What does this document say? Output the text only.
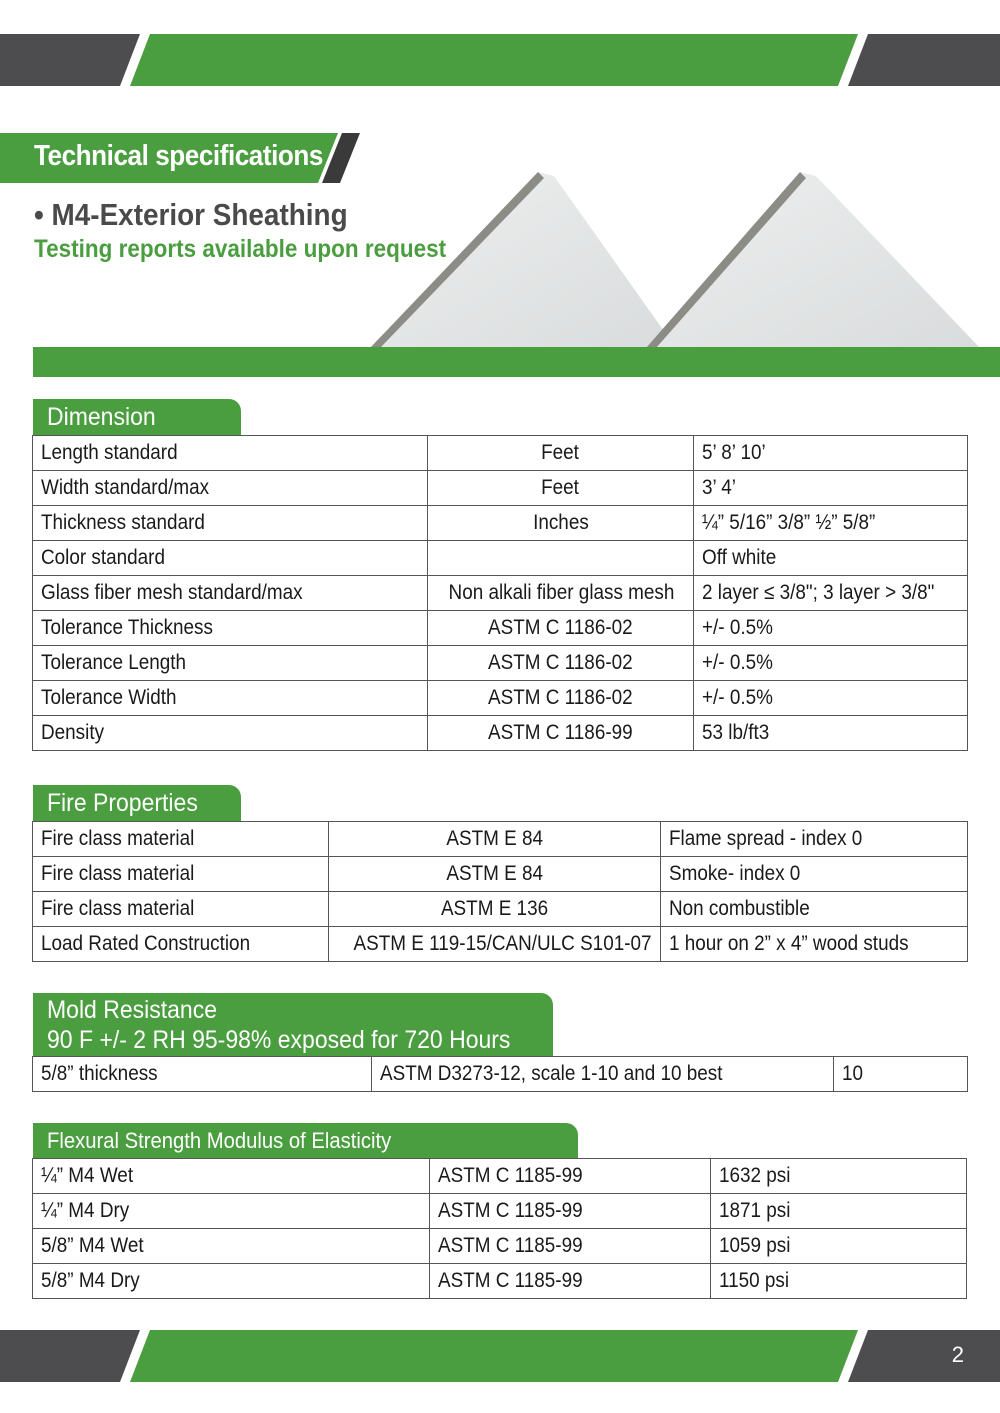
Technical specifications
• M4-Exterior Sheathing
Testing reports available upon request
Dimension
Length standard	Feet	5’ 8’ 10’
Width standard/max	Feet	3’ 4’
Thickness standard	Inches	¼” 5/16” 3/8” ½” 5/8”
Color standard		Off white
Glass fiber mesh standard/max	Non alkali fiber glass mesh	2 layer ≤ 3/8"; 3 layer > 3/8"
Tolerance Thickness	ASTM C 1186-02	+/- 0.5%
Tolerance Length	ASTM C 1186-02	+/- 0.5%
Tolerance Width	ASTM C 1186-02	+/- 0.5%
Density	ASTM C 1186-99	53 lb/ft3
Fire Properties
Fire class material	ASTM E 84	Flame spread - index 0
Fire class material	ASTM E 84	Smoke- index 0
Fire class material	ASTM E 136	Non combustible
Load Rated Construction	ASTM E 119-15/CAN/ULC S101-07	1 hour on 2” x 4” wood studs
Mold Resistance
90 F +/- 2 RH 95-98% exposed for 720 Hours
5/8” thickness	ASTM D3273-12, scale 1-10 and 10 best	10
Flexural Strength Modulus of Elasticity
¼” M4 Wet	ASTM C 1185-99	1632 psi
¼” M4 Dry	ASTM C 1185-99	1871 psi
5/8” M4 Wet	ASTM C 1185-99	1059 psi
5/8” M4 Dry	ASTM C 1185-99	1150 psi
2
